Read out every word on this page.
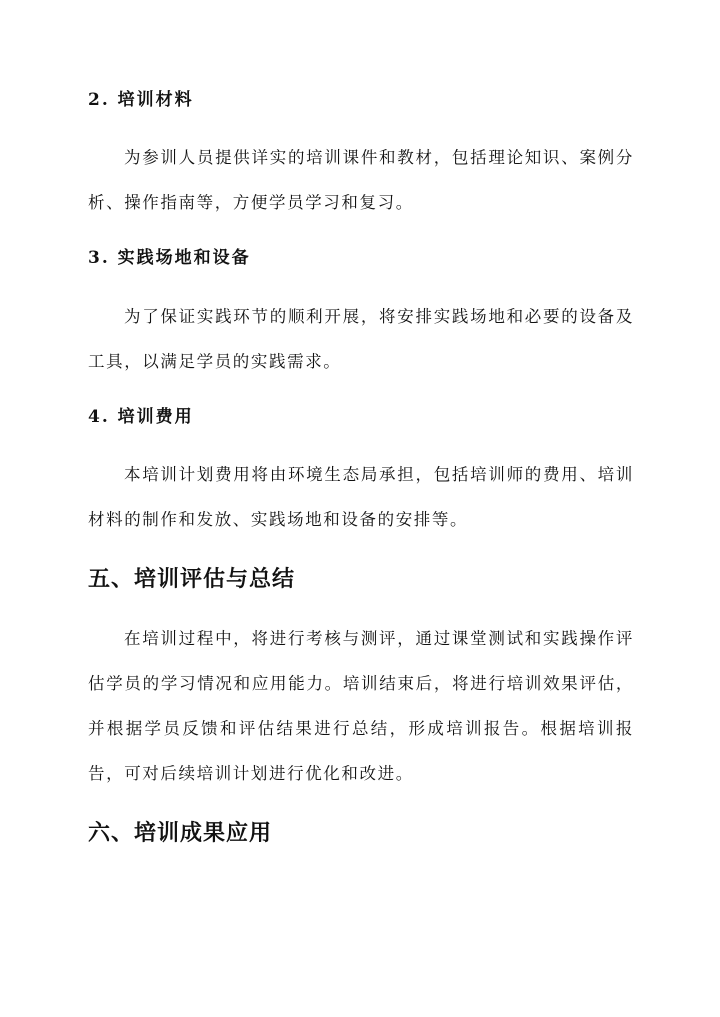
2. 培训材料

为参训人员提供详实的培训课件和教材，包括理论知识、案例分析、操作指南等，方便学员学习和复习。

3. 实践场地和设备

为了保证实践环节的顺利开展，将安排实践场地和必要的设备及工具，以满足学员的实践需求。

4. 培训费用

本培训计划费用将由环境生态局承担，包括培训师的费用、培训材料的制作和发放、实践场地和设备的安排等。

五、培训评估与总结

在培训过程中，将进行考核与测评，通过课堂测试和实践操作评估学员的学习情况和应用能力。培训结束后，将进行培训效果评估，并根据学员反馈和评估结果进行总结，形成培训报告。根据培训报告，可对后续培训计划进行优化和改进。

六、培训成果应用
